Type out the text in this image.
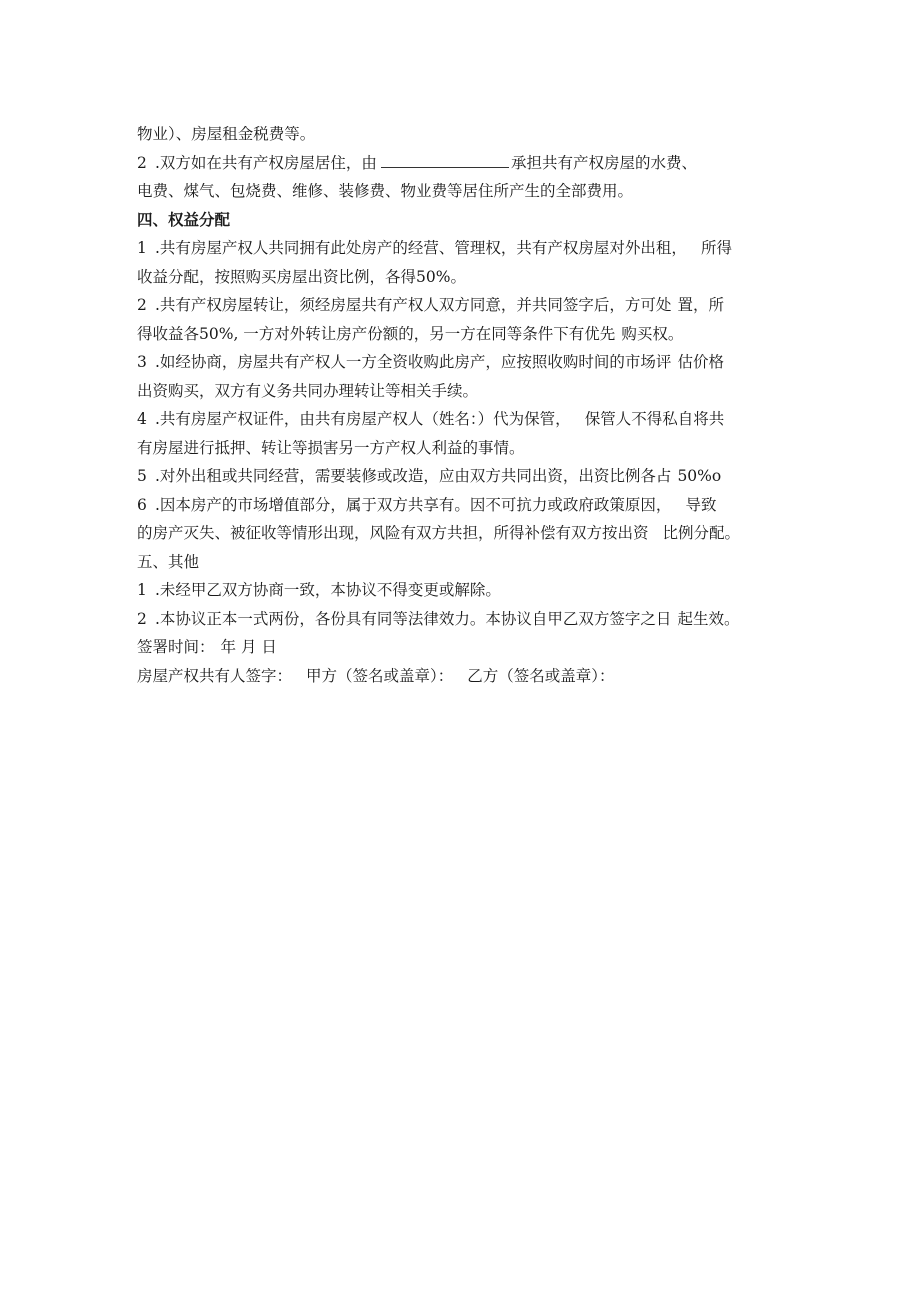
物业）、房屋租金税费等。
2 .双方如在共有产权房屋居住，由	承担共有产权房屋的水费、
电费、煤气、包烧费、维修、装修费、物业费等居住所产生的全部费用。
四、权益分配
1 .共有房屋产权人共同拥有此处房产的经营、管理权，共有产权房屋对外出租， 所得
收益分配，按照购买房屋出资比例，各得50%。
2 .共有产权房屋转让，须经房屋共有产权人双方同意，并共同签字后，方可处 置，所
得收益各50%, 一方对外转让房产份额的，另一方在同等条件下有优先 购买权。
3 .如经协商，房屋共有产权人一方全资收购此房产，应按照收购时间的市场评 估价格
出资购买，双方有义务共同办理转让等相关手续。
4 .共有房屋产权证件，由共有房屋产权人（姓名：）代为保管， 保管人不得私自将共
有房屋进行抵押、转让等损害另一方产权人利益的事情。
5 .对外出租或共同经营，需要装修或改造，应由双方共同出资，出资比例各占 50%o
6 .因本房产的市场增值部分，属于双方共享有。因不可抗力或政府政策原因， 导致
的房产灭失、被征收等情形出现，风险有双方共担，所得补偿有双方按出资 比例分配。
五、其他
1 .未经甲乙双方协商一致，本协议不得变更或解除。
2 .本协议正本一式两份，各份具有同等法律效力。本协议自甲乙双方签字之日 起生效。
签署时间： 年 月 日
房屋产权共有人签字： 甲方（签名或盖章）： 乙方（签名或盖章）：
